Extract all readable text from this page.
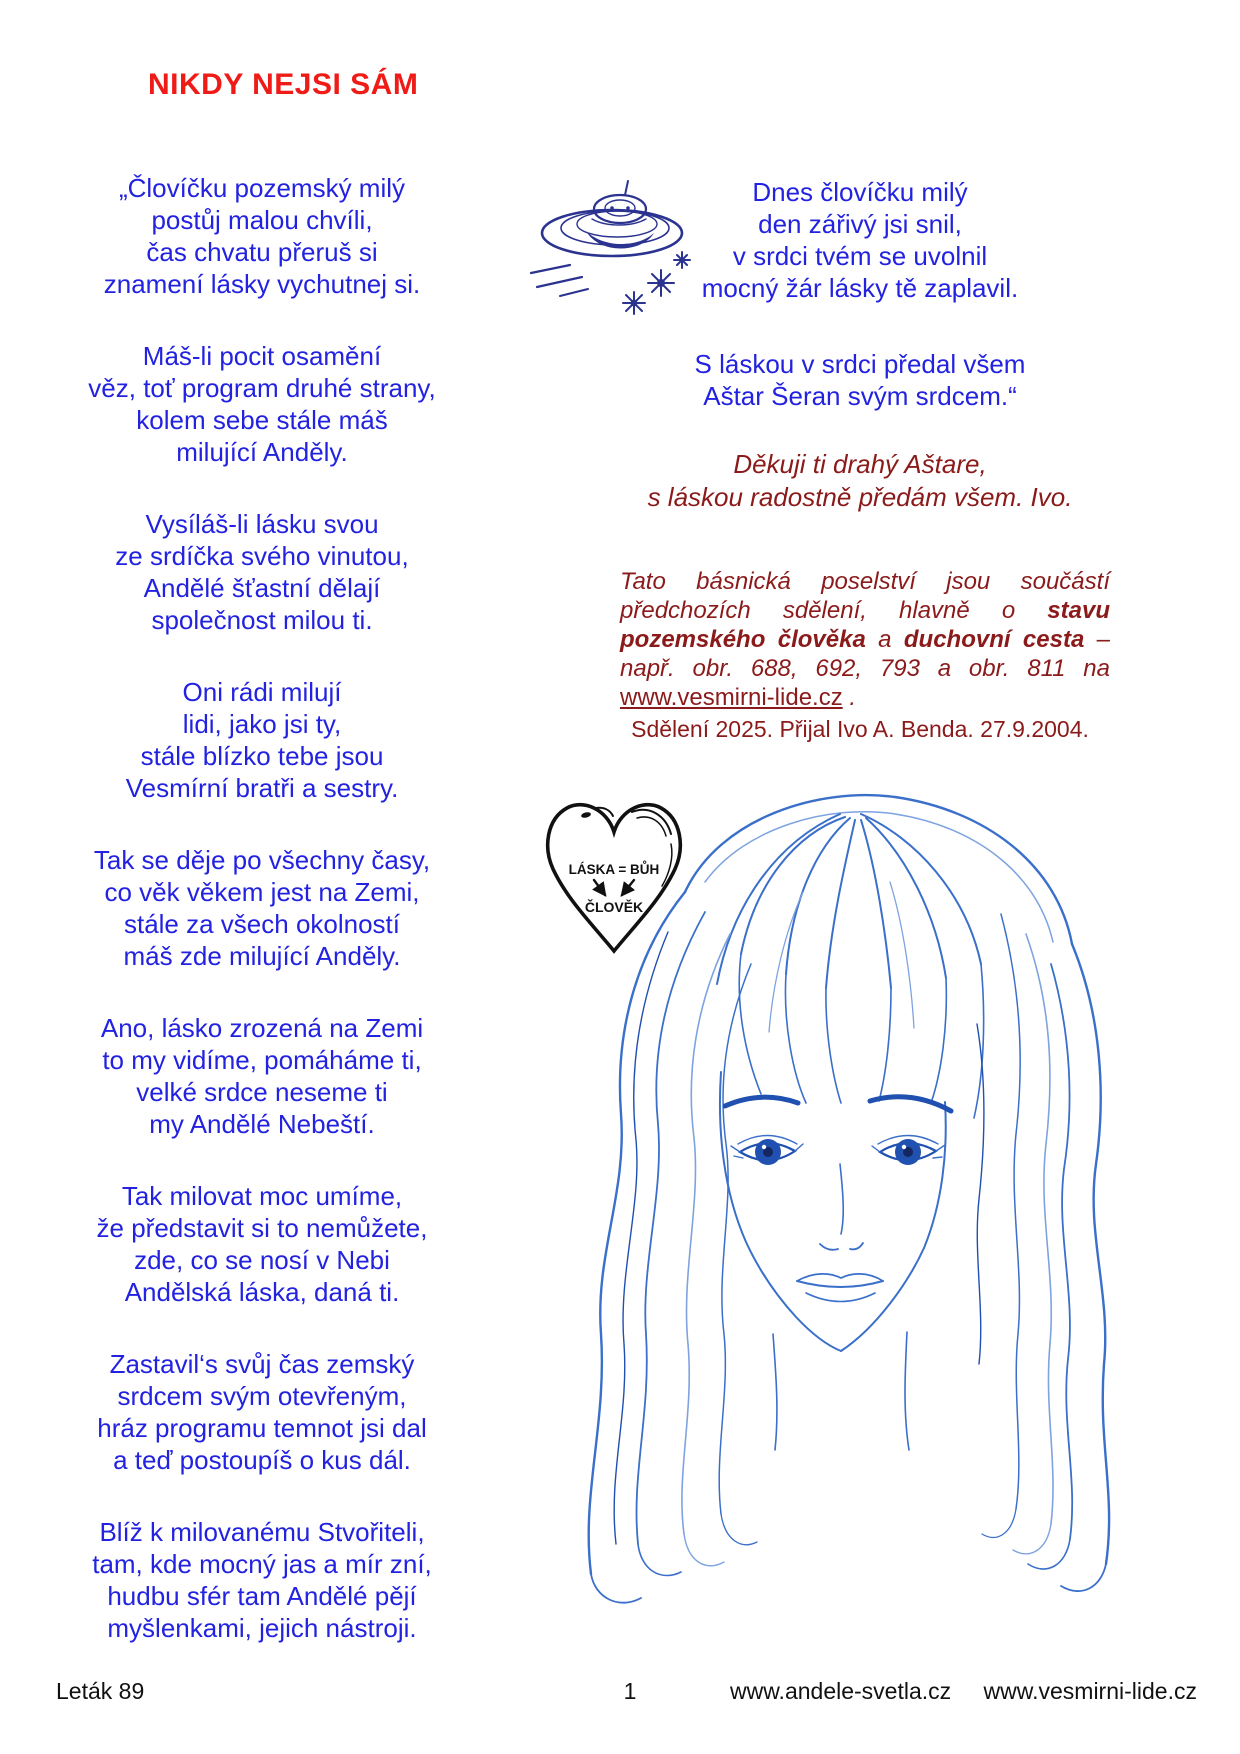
NIKDY NEJSI SÁM
„Človíčku pozemský milý
postůj malou chvíli,
čas chvatu přeruš si
znamení lásky vychutnej si.
Máš-li pocit osamění
věz, toť program druhé strany,
kolem sebe stále máš
milující Anděly.
Vysíláš-li lásku svou
ze srdíčka svého vinutou,
Andělé šťastní dělají
společnost milou ti.
Oni rádi milují
lidi, jako jsi ty,
stále blízko tebe jsou
Vesmírní bratři a sestry.
Tak se děje po všechny časy,
co věk věkem jest na Zemi,
stále za všech okolností
máš zde milující Anděly.
Ano, lásko zrozená na Zemi
to my vidíme, pomáháme ti,
velké srdce neseme ti
my Andělé Nebeští.
Tak milovat moc umíme,
že představit si to nemůžete,
zde, co se nosí v Nebi
Andělská láska, daná ti.
Zastavil‘s svůj čas zemský
srdcem svým otevřeným,
hráz programu temnot jsi dal
a teď postoupíš o kus dál.
Blíž k milovanému Stvořiteli,
tam, kde mocný jas a mír zní,
hudbu sfér tam Andělé pějí
myšlenkami, jejich nástroji.
Dnes človíčku milý
den zářivý jsi snil,
v srdci tvém se uvolnil
mocný žár lásky tě zaplavil.
S láskou v srdci předal všem
Aštar Šeran svým srdcem.“
Děkuji ti drahý Aštare,
s láskou radostně předám všem. Ivo.

Tato básnická poselství jsou součástí předchozích sdělení, hlavně o stavu pozemského člověka a duchovní cesta – např. obr. 688, 692, 793 a obr. 811 na www.vesmirni-lide.cz .

Sdělení 2025. Přijal Ivo A. Benda. 27.9.2004.
LÁSKA = BŮH
ČLOVĚK
Leták 89	1	www.andele-svetla.cz www.vesmirni-lide.cz
